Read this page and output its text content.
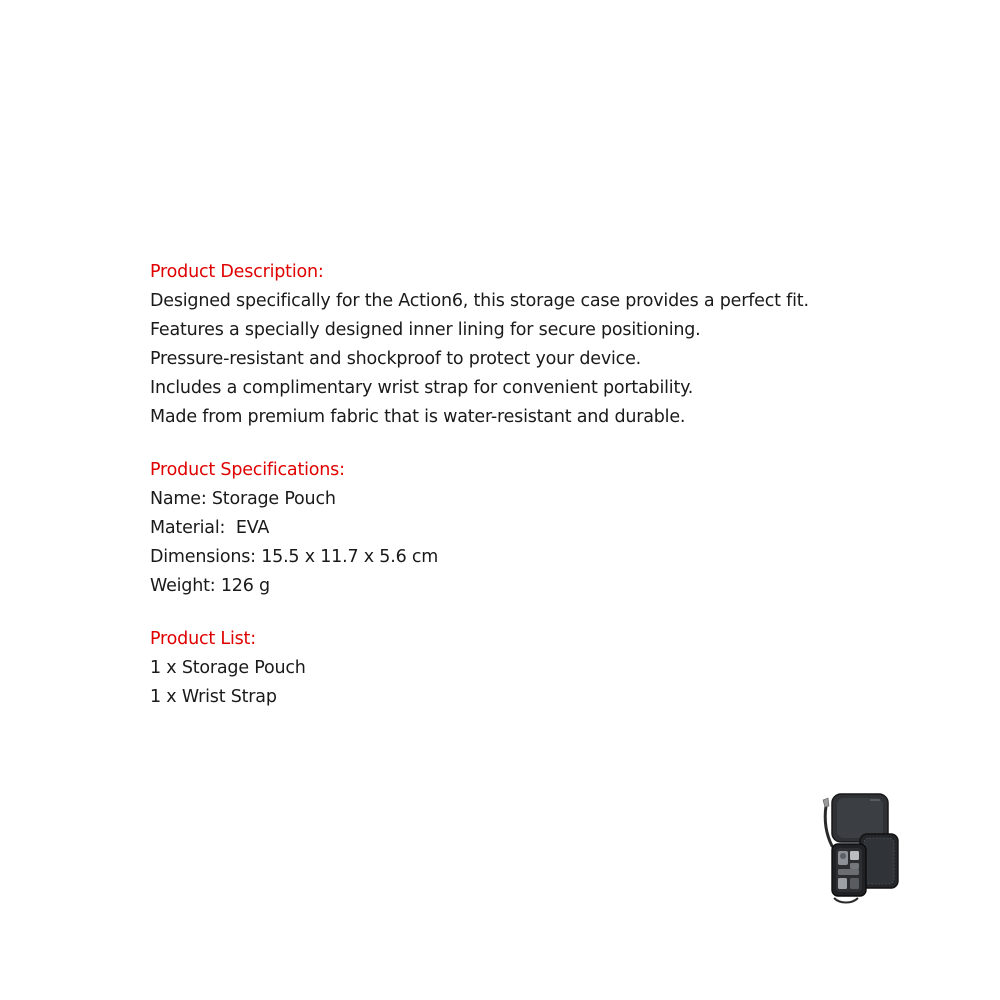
Product Description:

Designed specifically for the Action6, this storage case provides a perfect fit.

Features a specially designed inner lining for secure positioning.

Pressure-resistant and shockproof to protect your device.

Includes a complimentary wrist strap for convenient portability.

Made from premium fabric that is water-resistant and durable.

Product Specifications:

Name: Storage Pouch

Material:  EVA

Dimensions: 15.5 x 11.7 x 5.6 cm

Weight: 126 g

Product List:

1 x Storage Pouch

1 x Wrist Strap
